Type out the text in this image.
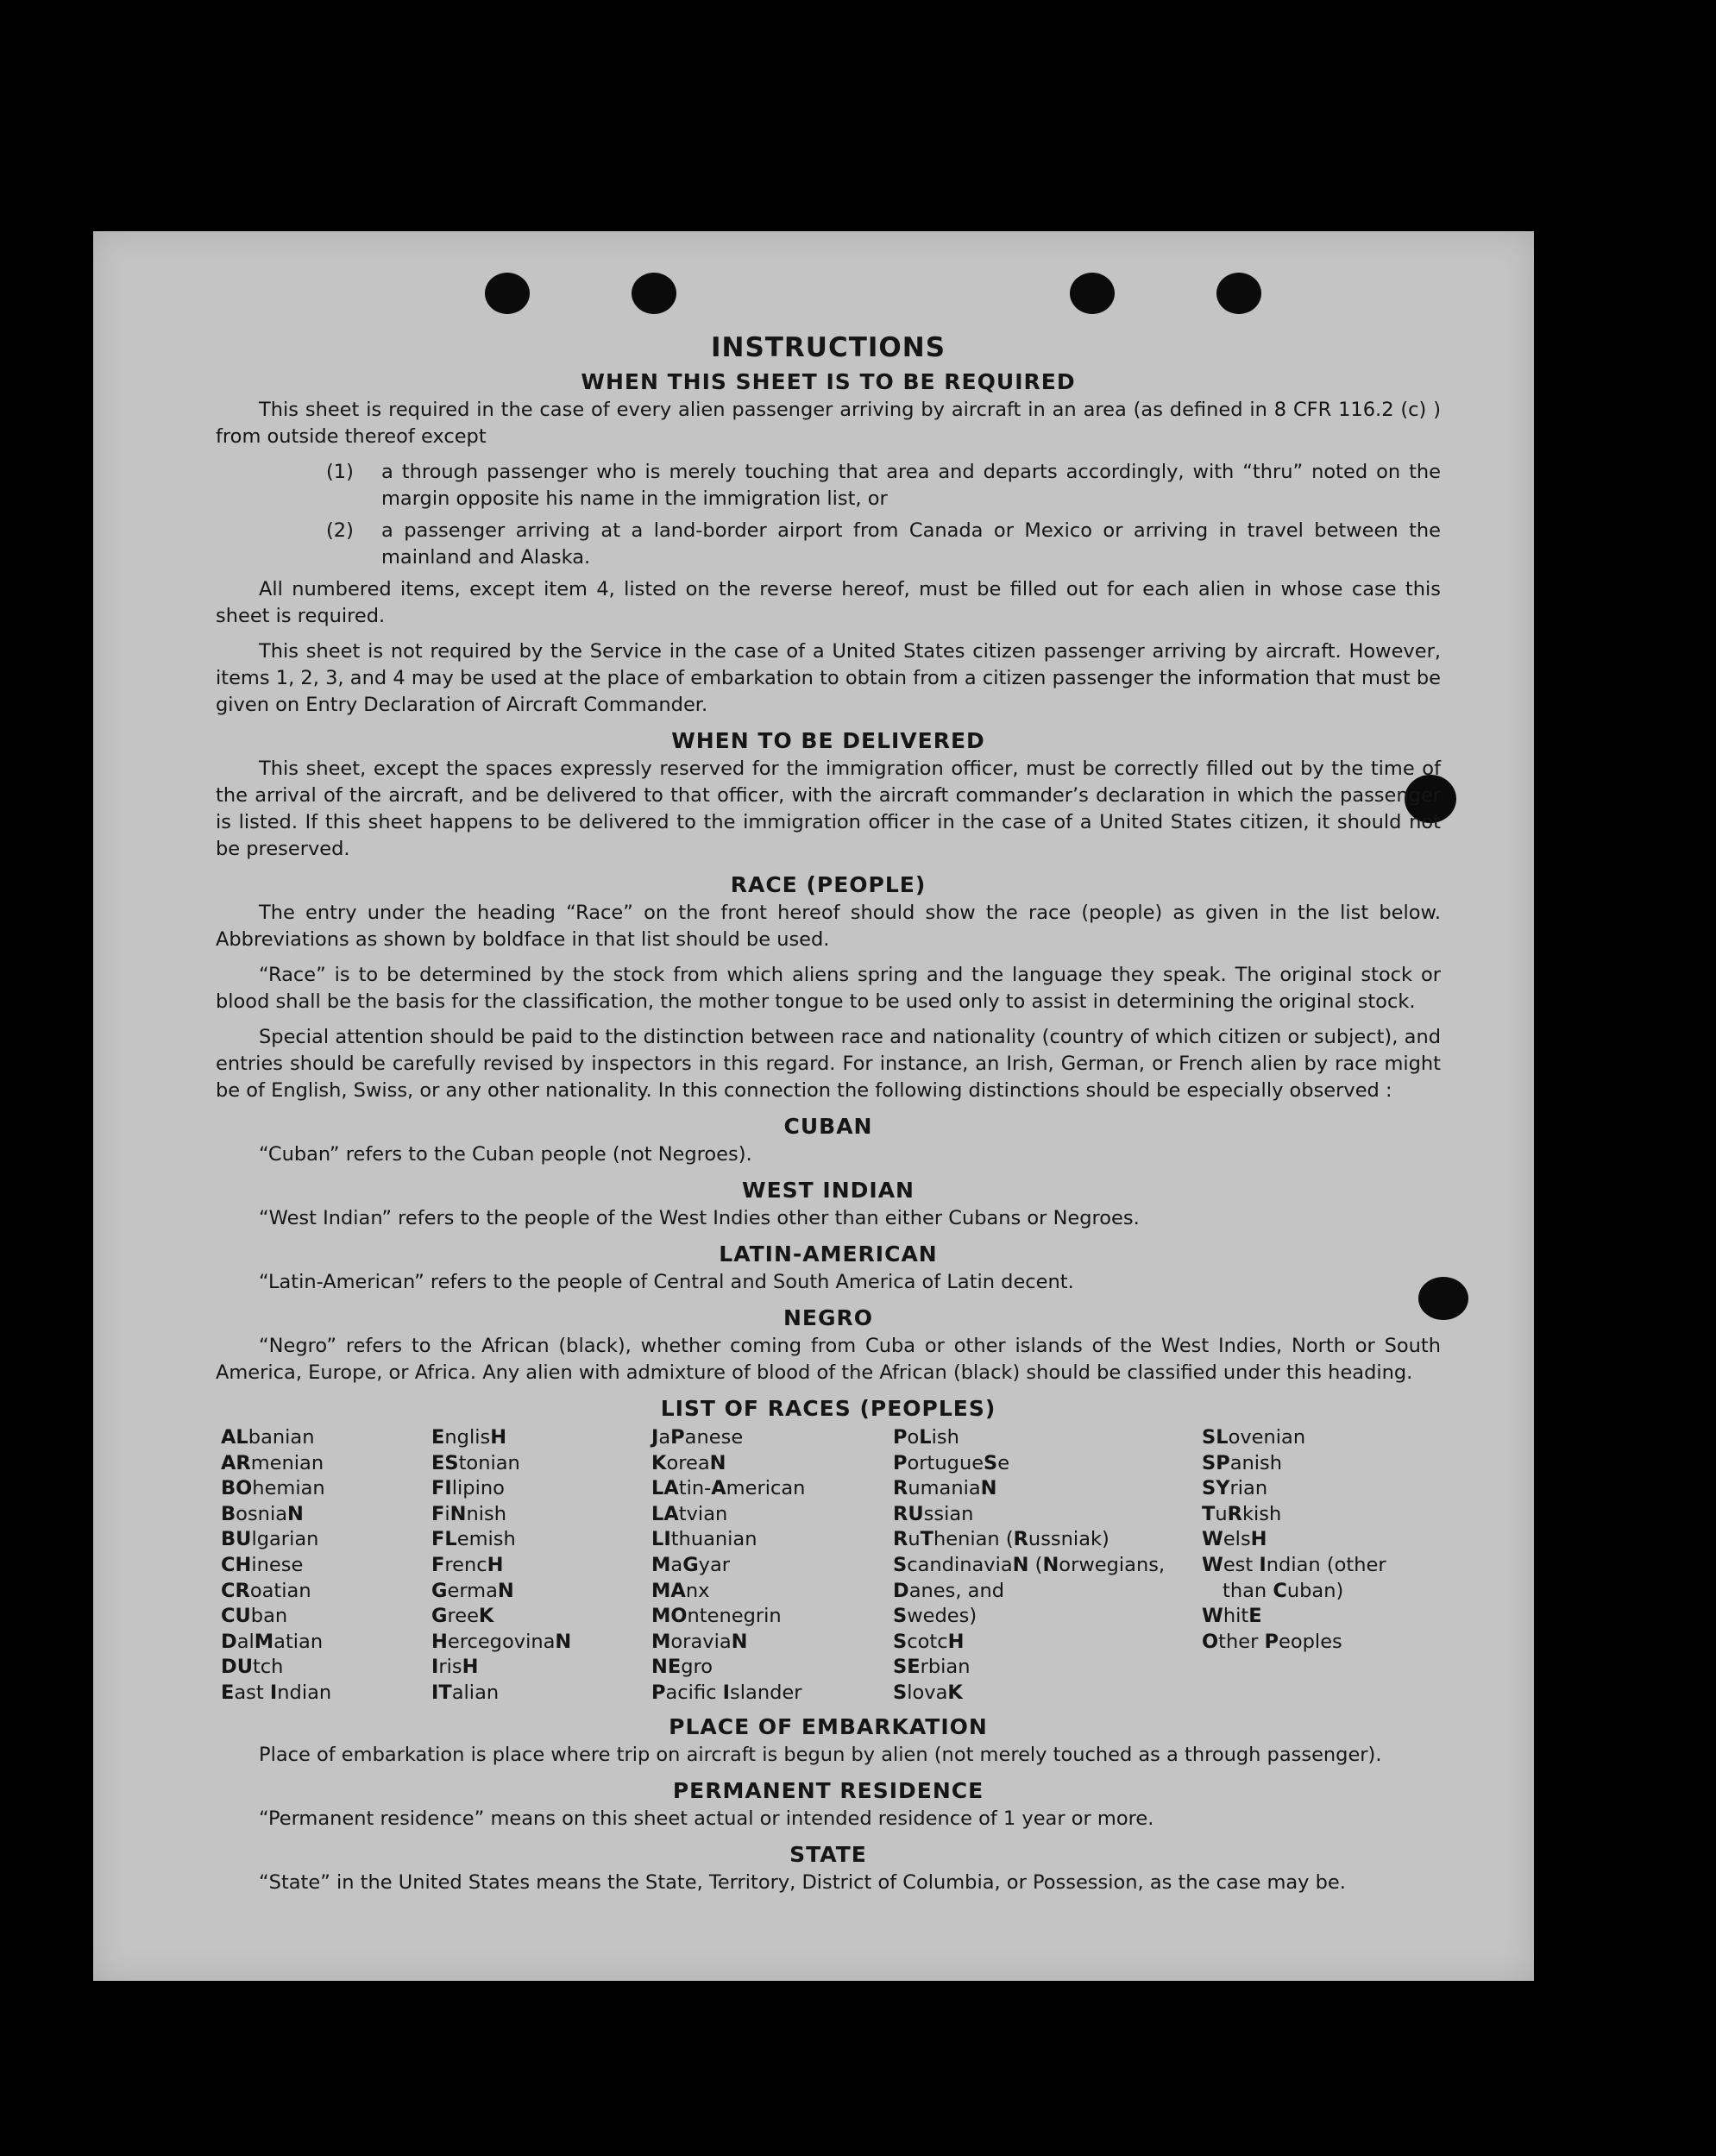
INSTRUCTIONS
WHEN THIS SHEET IS TO BE REQUIRED

This sheet is required in the case of every alien passenger arriving by aircraft in an area (as defined in 8 CFR 116.2 (c) ) from outside thereof except

(1)	a through passenger who is merely touching that area and departs accordingly, with “thru” noted on the margin opposite his name in the immigration list, or
(2)	a passenger arriving at a land-border airport from Canada or Mexico or arriving in travel between the mainland and Alaska.

All numbered items, except item 4, listed on the reverse hereof, must be filled out for each alien in whose case this sheet is required.

This sheet is not required by the Service in the case of a United States citizen passenger arriving by aircraft. However, items 1, 2, 3, and 4 may be used at the place of embarkation to obtain from a citizen passenger the information that must be given on Entry Declaration of Aircraft Commander.

WHEN TO BE DELIVERED

This sheet, except the spaces expressly reserved for the immigration officer, must be correctly filled out by the time of the arrival of the aircraft, and be delivered to that officer, with the aircraft commander’s declaration in which the passenger is listed. If this sheet happens to be delivered to the immigration officer in the case of a United States citizen, it should not be preserved.

RACE (PEOPLE)

The entry under the heading “Race” on the front hereof should show the race (people) as given in the list below. Abbreviations as shown by boldface in that list should be used.

“Race” is to be determined by the stock from which aliens spring and the language they speak. The original stock or blood shall be the basis for the classification, the mother tongue to be used only to assist in determining the original stock.

Special attention should be paid to the distinction between race and nationality (country of which citizen or subject), and entries should be carefully revised by inspectors in this regard. For instance, an Irish, German, or French alien by race might be of English, Swiss, or any other nationality. In this connection the following distinctions should be especially observed :

CUBAN

“Cuban” refers to the Cuban people (not Negroes).

WEST INDIAN

“West Indian” refers to the people of the West Indies other than either Cubans or Negroes.

LATIN-AMERICAN

“Latin-American” refers to the people of Central and South America of Latin decent.

NEGRO

“Negro” refers to the African (black), whether coming from Cuba or other islands of the West Indies, North or South America, Europe, or Africa. Any alien with admixture of blood of the African (black) should be classified under this heading.

LIST OF RACES (PEOPLES)
ALbanian
ARmenian
BOhemian
BosniaN
BUlgarian
CHinese
CRoatian
CUban
DalMatian
DUtch
East Indian
EnglisH
EStonian
FIlipino
FiNnish
FLemish
FrencH
GermaN
GreeK
HercegovinaN
IrisH
ITalian
JaPanese
KoreaN
LAtin-American
LAtvian
LIthuanian
MaGyar
MAnx
MOntenegrin
MoraviaN
NEgro
Pacifc Islander
PoLish
PortugueSe
RumaniaN
RUssian
RuThenian (Russniak)
ScandinaviaN (Norwegians,
Danes, and
Swedes)
ScotcH
SErbian
SlovaK
SLovenian
SPanish
SYrian
TuRkish
WelsH
West Indian (other
than Cuban)
WhitE
Other Peoples
PLACE OF EMBARKATION

Place of embarkation is place where trip on aircraft is begun by alien (not merely touched as a through passenger).

PERMANENT RESIDENCE

“Permanent residence” means on this sheet actual or intended residence of 1 year or more.

STATE

“State” in the United States means the State, Territory, District of Columbia, or Possession, as the case may be.
